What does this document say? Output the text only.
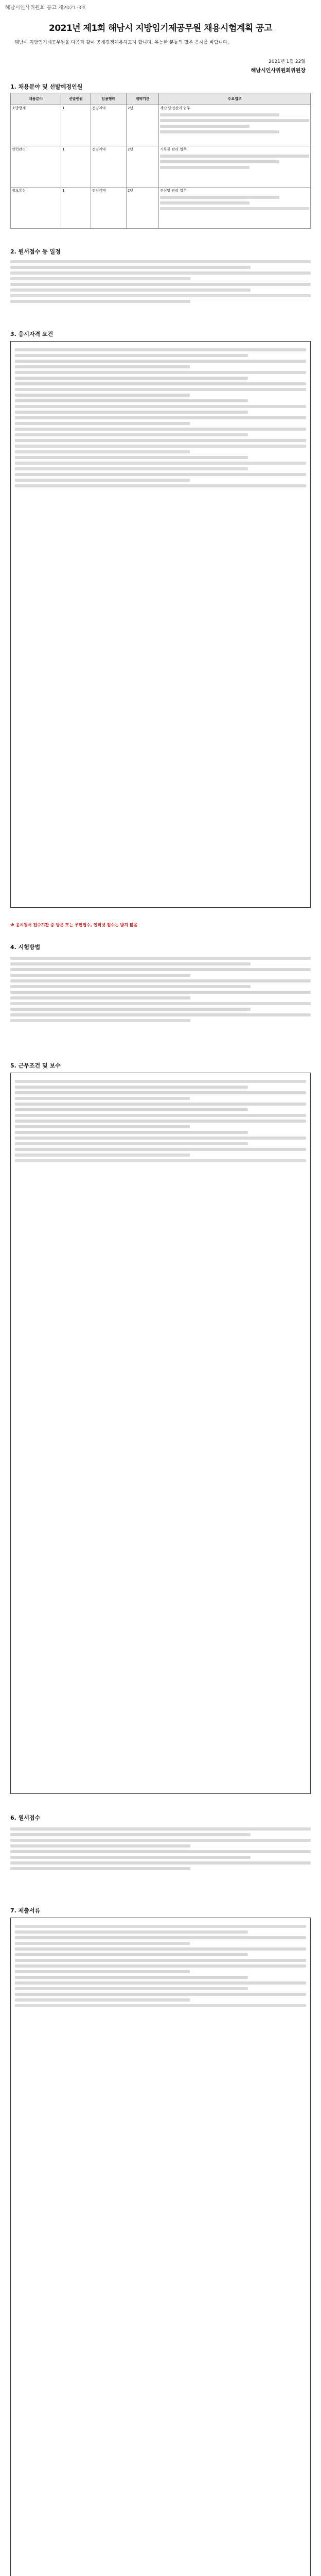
해남시인사위원회 공고 제2021-3호
2021년 제1회 해남시 지방임기제공무원 채용시험계획 공고
해남시 지방임기제공무원을 다음과 같이 공개경쟁채용하고자 합니다. 유능한 분들의 많은 응시를 바랍니다.
2021년 1월 22일
해남시인사위원회위원장
1. 채용분야 및 선발예정인원
채용분야	선발인원	임용형태	계약기간	주요업무
소방방재	1	전임계약	2년	재난·안전관리 업무

인력관리	1	전임계약	2년	기록물 관리 업무

정보통신	1	전임계약	2년	전산망 관리 업무
2. 원서접수 등 일정
3. 응시자격 요건
※ 응시원서 접수기간 중 방문 또는 우편접수, 인터넷 접수는 받지 않음
4. 시험방법
5. 근무조건 및 보수
6. 원서접수
7. 제출서류
